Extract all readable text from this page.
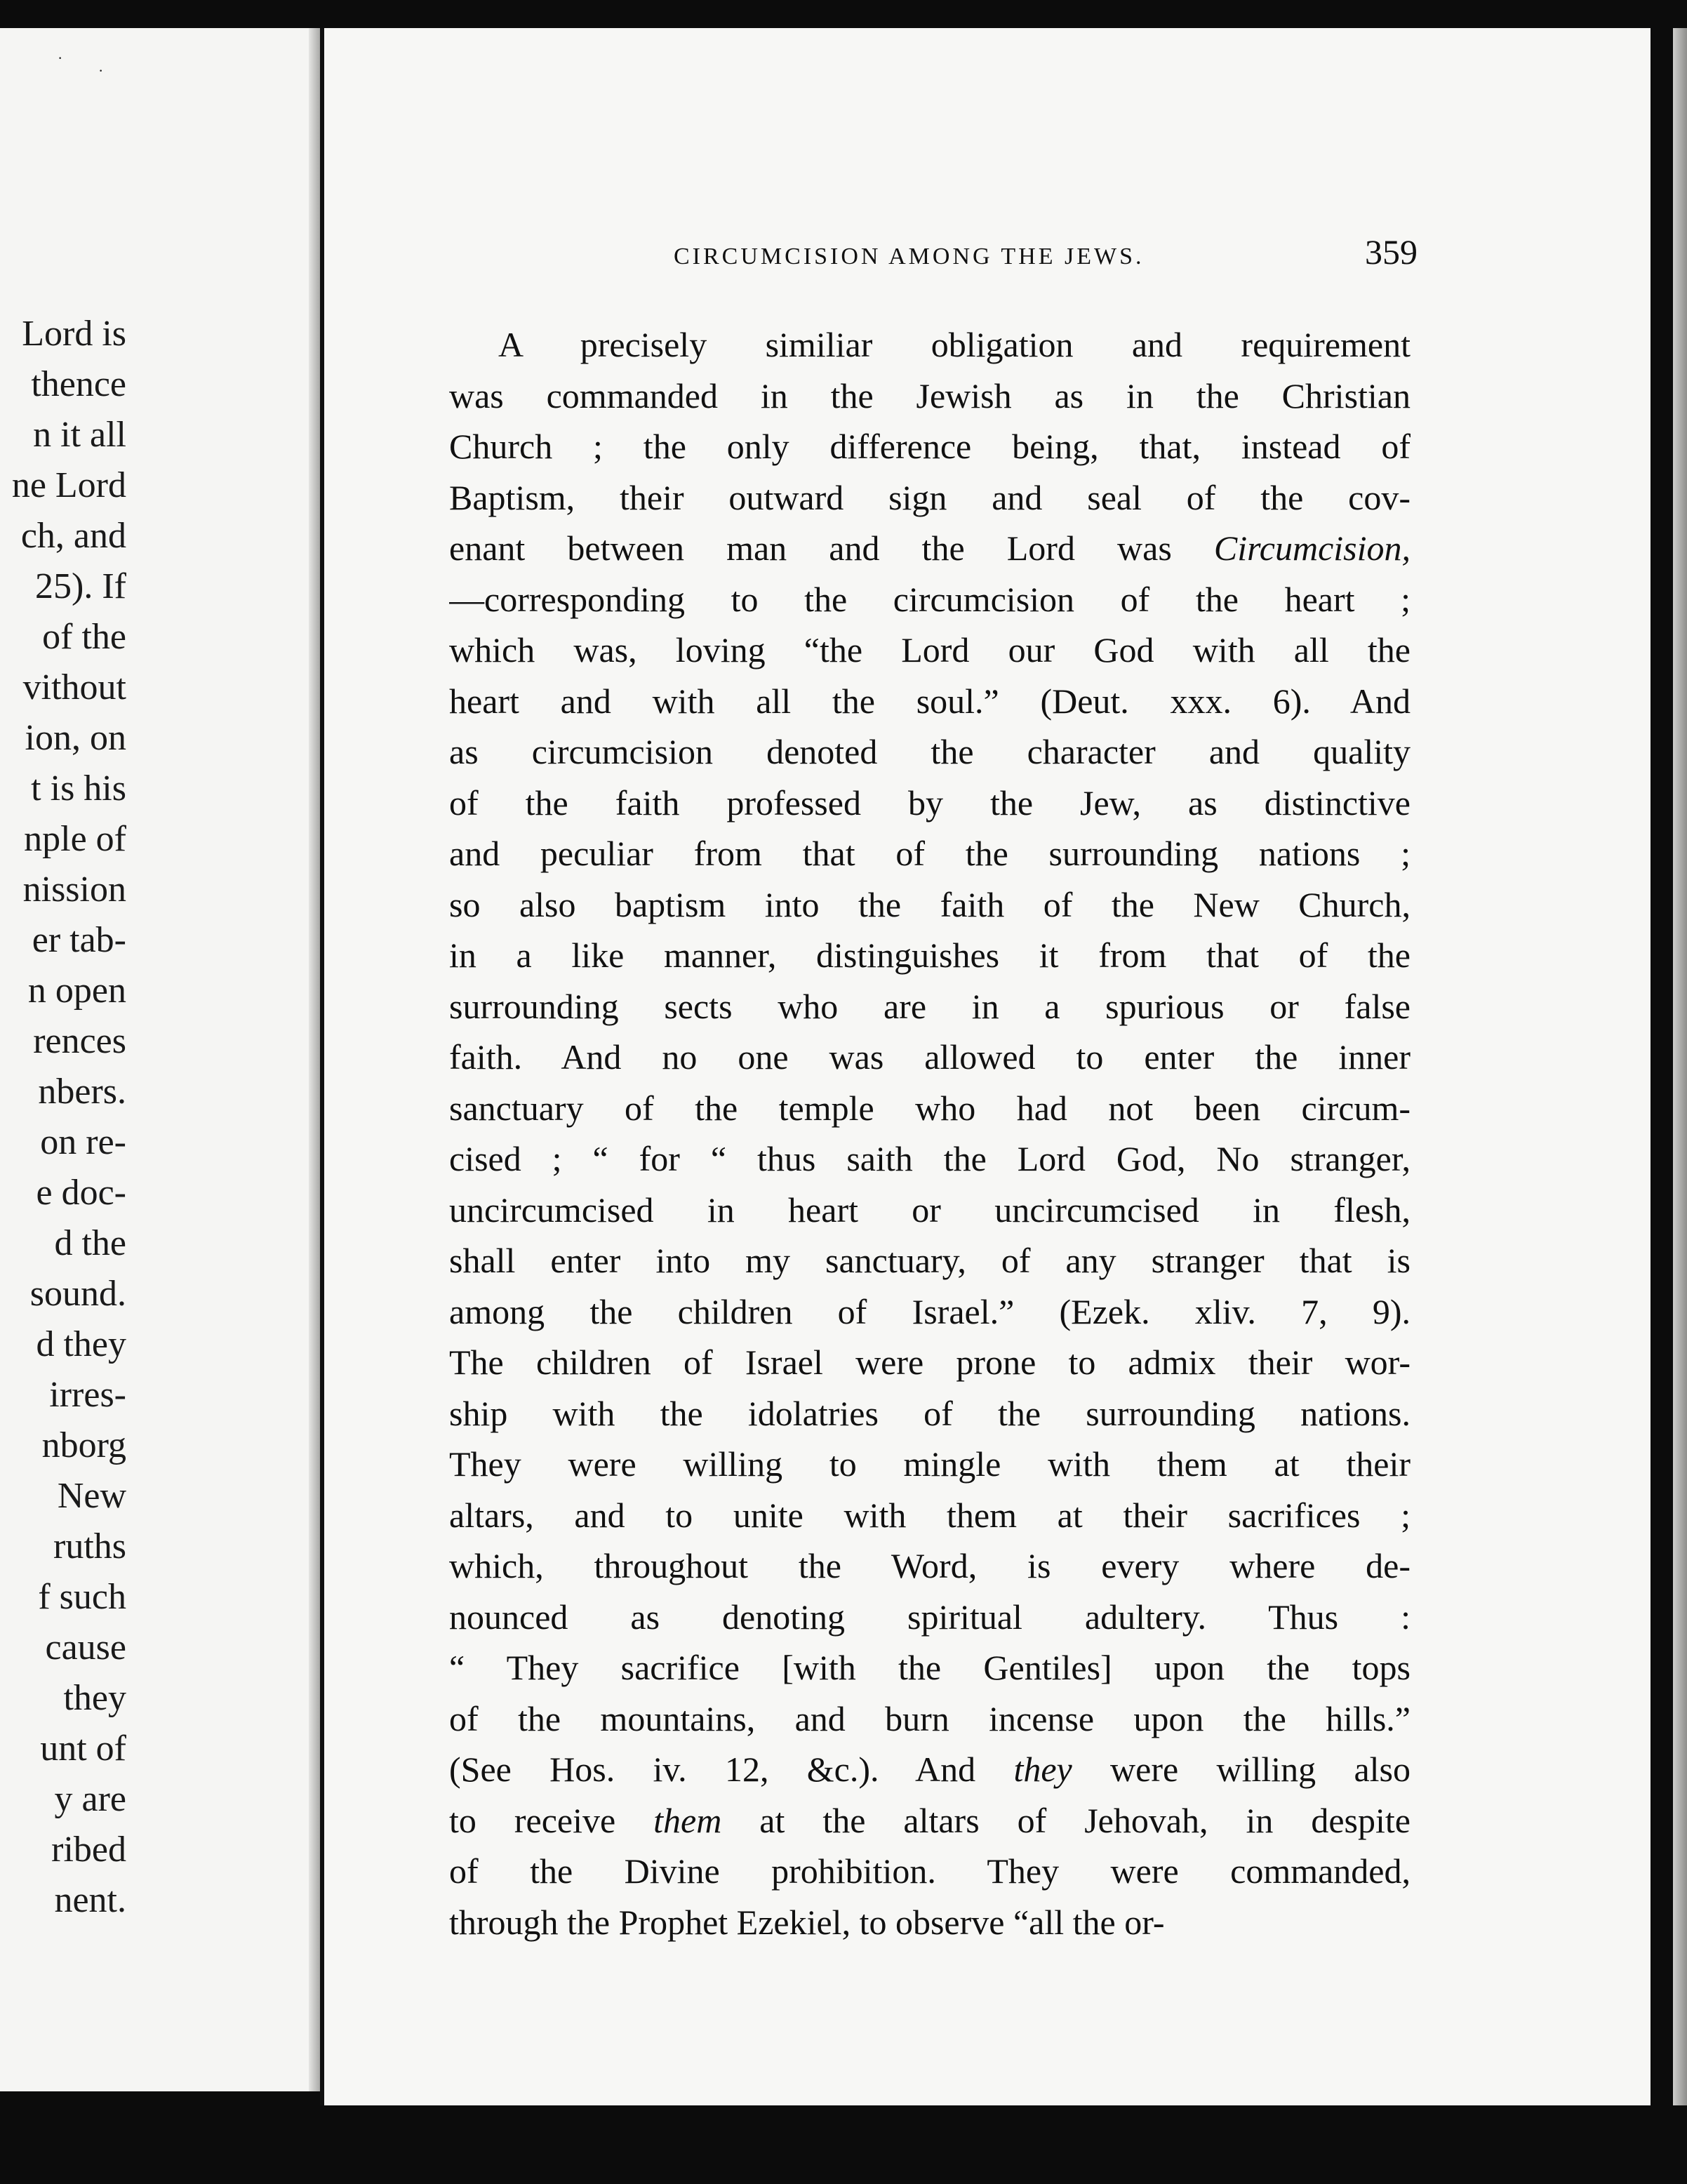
·
·
Lord is
thence
n it all
ne Lord
ch, and
25). If
of the
vithout
ion, on
t is his
nple of
nission
er tab-
n open
rences
nbers.
on re-
e doc-
d the
sound.
d they
irres-
nborg
New
ruths
f such
cause
they
unt of
y are
ribed
nent.
CIRCUMCISION AMONG THE JEWS.	359
A precisely similiar obligation and requirement
was commanded in the Jewish as in the Christian
Church ; the only difference being, that, instead of
Baptism, their outward sign and seal of the cov-
enant between man and the Lord was Circumcision,
—corresponding to the circumcision of the heart ;
which was, loving “the Lord our God with all the
heart and with all the soul.” (Deut. xxx. 6). And
as circumcision denoted the character and quality
of the faith professed by the Jew, as distinctive
and peculiar from that of the surrounding nations ;
so also baptism into the faith of the New Church,
in a like manner, distinguishes it from that of the
surrounding sects who are in a spurious or false
faith. And no one was allowed to enter the inner
sanctuary of the temple who had not been circum-
cised ; “ for “ thus saith the Lord God, No stranger,
uncircumcised in heart or uncircumcised in flesh,
shall enter into my sanctuary, of any stranger that is
among the children of Israel.” (Ezek. xliv. 7, 9).
The children of Israel were prone to admix their wor-
ship with the idolatries of the surrounding nations.
They were willing to mingle with them at their
altars, and to unite with them at their sacrifices ;
which, throughout the Word, is every where de-
nounced as denoting spiritual adultery. Thus :
“ They sacrifice [with the Gentiles] upon the tops
of the mountains, and burn incense upon the hills.”
(See Hos. iv. 12, &c.). And they were willing also
to receive them at the altars of Jehovah, in despite
of the Divine prohibition. They were commanded,
through the Prophet Ezekiel, to observe “all the or-
